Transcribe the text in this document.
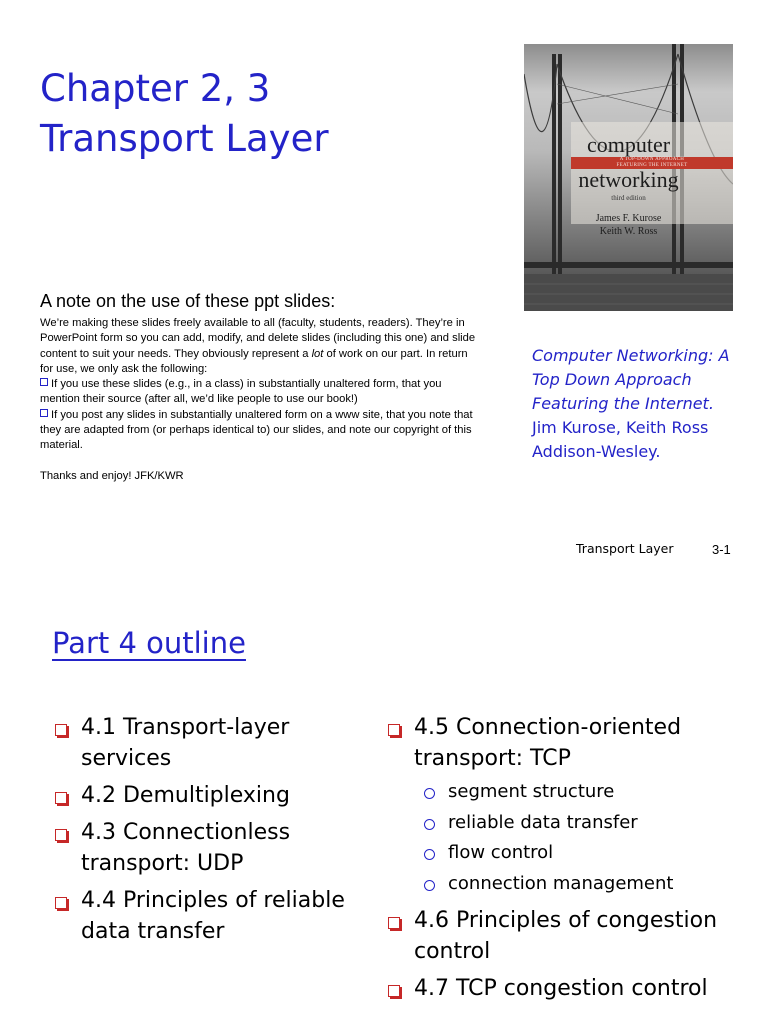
Chapter 2, 3
Transport Layer	computer
A TOP-DOWN APPROACH
FEATURING THE INTERNET
networking
third edition
James F. Kurose
Keith W. Ross
A note on the use of these ppt slides:

We’re making these slides freely available to all (faculty, students, readers). They’re in PowerPoint form so you can add, modify, and delete slides (including this one) and slide content to suit your needs. They obviously represent a lot of work on our part. In return for use, we only ask the following:

If you use these slides (e.g., in a class) in substantially unaltered form, that you mention their source (after all, we’d like people to use our book!)

If you post any slides in substantially unaltered form on a www site, that you note that they are adapted from (or perhaps identical to) our slides, and note our copyright of this material.

Thanks and enjoy! JFK/KWR

Computer Networking: A Top Down Approach Featuring the Internet.
Jim Kurose, Keith Ross
Addison-Wesley.
Transport Layer	3-1
Part 4 outline
4.1 Transport-layer services
4.2 Demultiplexing
4.3 Connectionless transport: UDP
4.4 Principles of reliable data transfer
4.5 Connection-oriented transport: TCP
segment structure
reliable data transfer
flow control
connection management
4.6 Principles of congestion control
4.7 TCP congestion control
